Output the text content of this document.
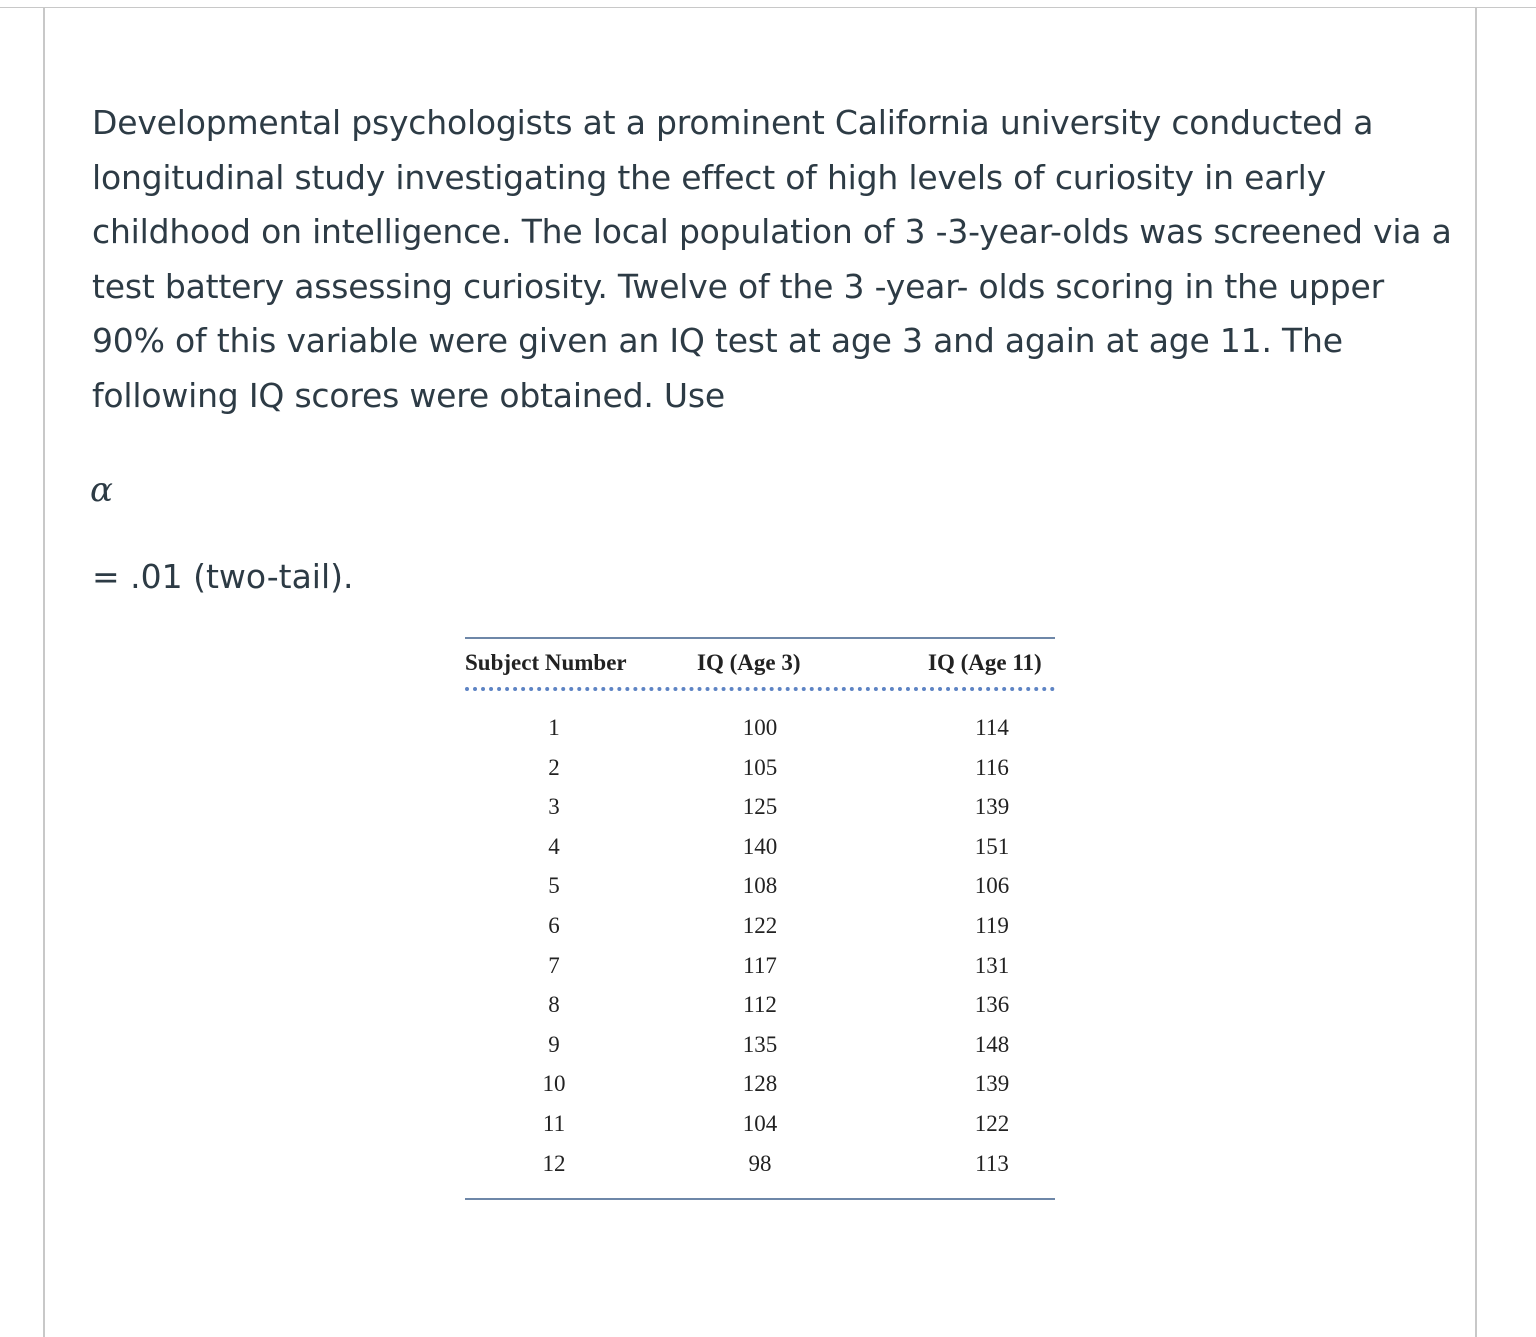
Developmental psychologists at a prominent California university conducted a longitudinal study investigating the effect of high levels of curiosity in early childhood on intelligence. The local population of 3 -3-year-olds was screened via a test battery assessing curiosity. Twelve of the 3 -year- olds scoring in the upper 90% of this variable were given an IQ test at age 3 and again at age 11. The following IQ scores were obtained. Use
α
= .01 (two-tail).
Subject Number	IQ (Age 3)	IQ (Age 11)
1	100	114
2	105	116
3	125	139
4	140	151
5	108	106
6	122	119
7	117	131
8	112	136
9	135	148
10	128	139
11	104	122
12	98	113
